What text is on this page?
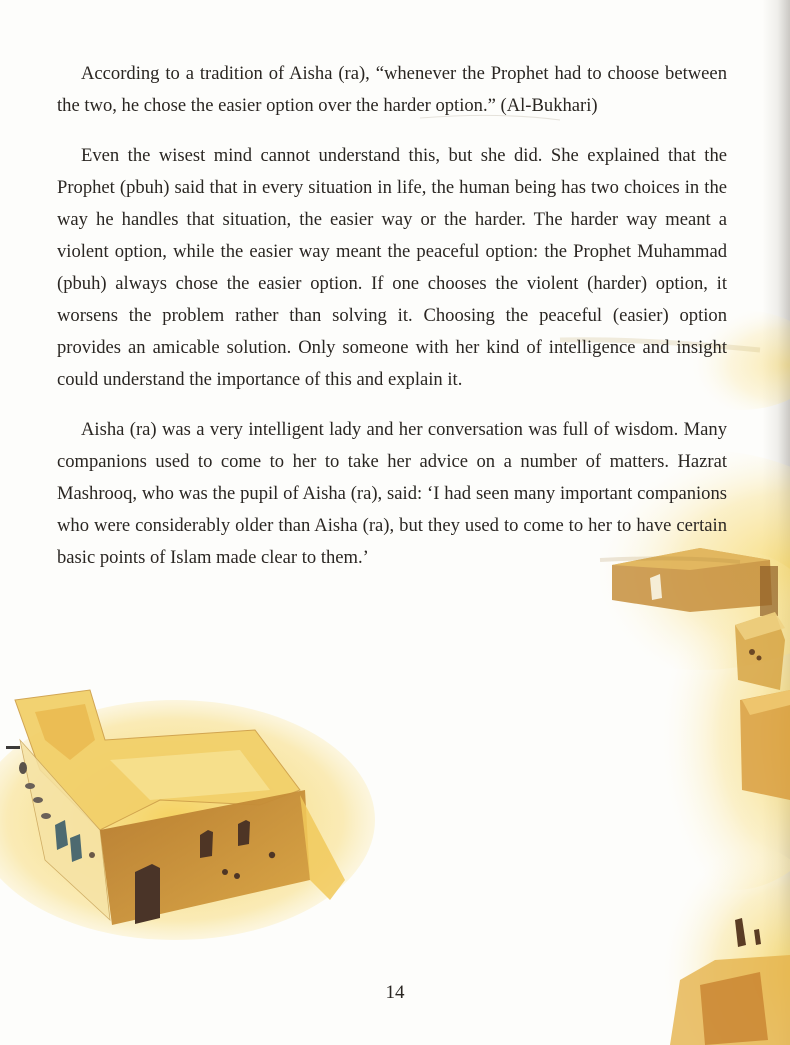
According to a tradition of Aisha (ra), “whenever the Prophet had to choose between the two, he chose the easier option over the harder option.” (Al-Bukhari)

Even the wisest mind cannot understand this, but she did. She explained that the Prophet (pbuh) said that in every situation in life, the human being has two choices in the way he handles that situation, the easier way or the harder. The harder way meant a violent option, while the easier way meant the peaceful option: the Prophet Muhammad (pbuh) always chose the easier option. If one chooses the violent (harder) option, it worsens the problem rather than solving it. Choosing the peaceful (easier) option provides an amicable solution. Only someone with her kind of intelligence and insight could understand the importance of this and explain it.

Aisha (ra) was a very intelligent lady and her conversation was full of wisdom. Many companions used to come to her to take her advice on a number of matters. Hazrat Mashrooq, who was the pupil of Aisha (ra), said: ‘I had seen many important companions who were considerably older than Aisha (ra), but they used to come to her to have certain basic points of Islam made clear to them.’

14
